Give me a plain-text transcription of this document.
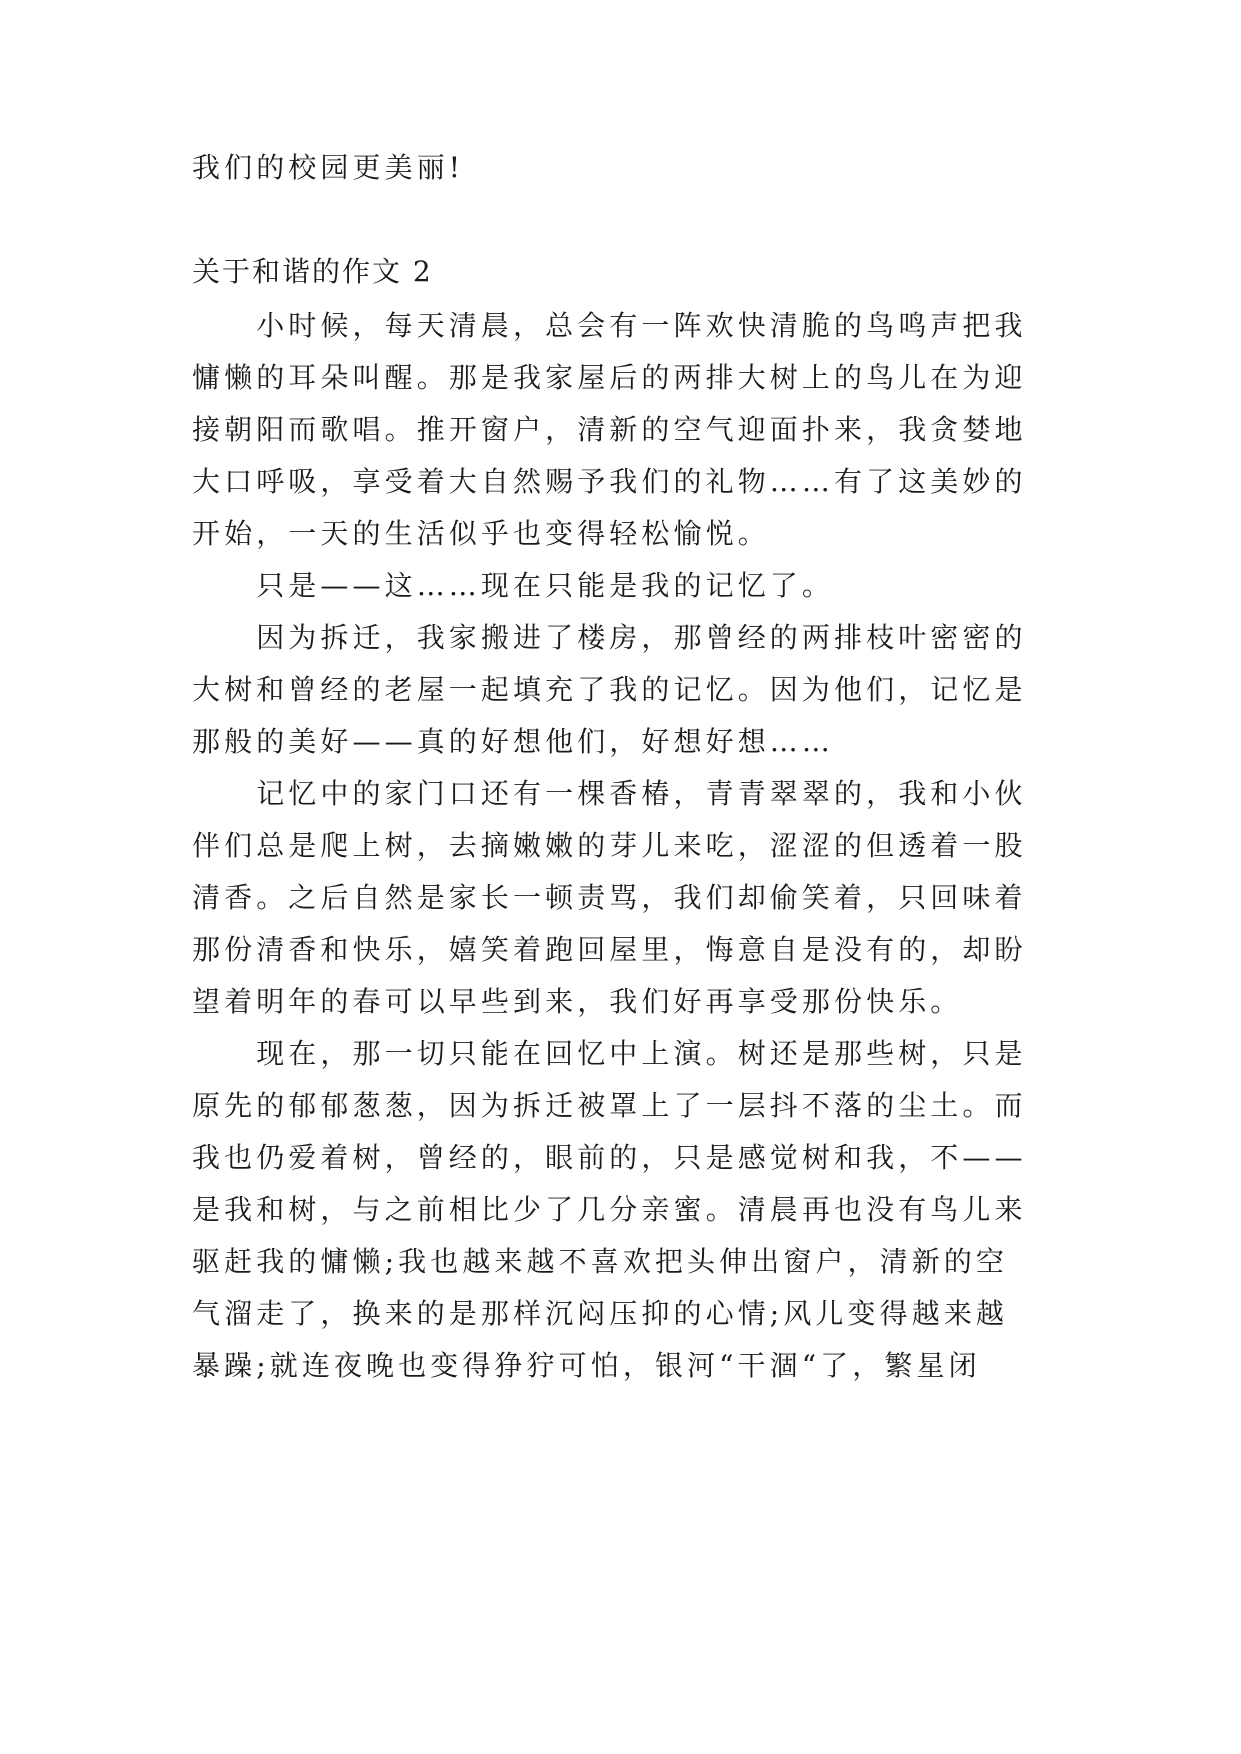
我们的校园更美丽!
关于和谐的作文 2
　　小时候，每天清晨，总会有一阵欢快清脆的鸟鸣声把我
慵懒的耳朵叫醒。那是我家屋后的两排大树上的鸟儿在为迎
接朝阳而歌唱。推开窗户，清新的空气迎面扑来，我贪婪地
大口呼吸，享受着大自然赐予我们的礼物……有了这美妙的
开始，一天的生活似乎也变得轻松愉悦。
　　只是——这……现在只能是我的记忆了。
　　因为拆迁，我家搬进了楼房，那曾经的两排枝叶密密的
大树和曾经的老屋一起填充了我的记忆。因为他们，记忆是
那般的美好——真的好想他们，好想好想……
　　记忆中的家门口还有一棵香椿，青青翠翠的，我和小伙
伴们总是爬上树，去摘嫩嫩的芽儿来吃，涩涩的但透着一股
清香。之后自然是家长一顿责骂，我们却偷笑着，只回味着
那份清香和快乐，嬉笑着跑回屋里，悔意自是没有的，却盼
望着明年的春可以早些到来，我们好再享受那份快乐。
　　现在，那一切只能在回忆中上演。树还是那些树，只是
原先的郁郁葱葱，因为拆迁被罩上了一层抖不落的尘土。而
我也仍爱着树，曾经的，眼前的，只是感觉树和我，不——
是我和树，与之前相比少了几分亲蜜。清晨再也没有鸟儿来
驱赶我的慵懒;我也越来越不喜欢把头伸出窗户，清新的空
气溜走了，换来的是那样沉闷压抑的心情;风儿变得越来越
暴躁;就连夜晚也变得狰狞可怕，银河“干涸“了，繁星闭
